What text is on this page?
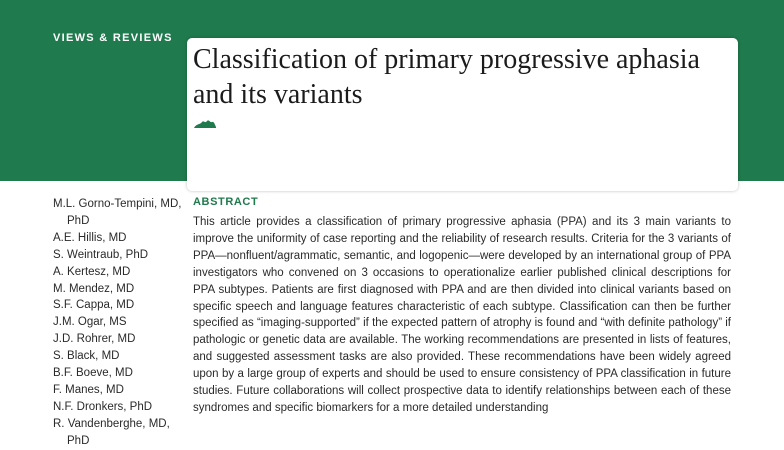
VIEWS & REVIEWS
Classification of primary progressive aphasia and its variants
M.L. Gorno-Tempini, MD, PhD
A.E. Hillis, MD
S. Weintraub, PhD
A. Kertesz, MD
M. Mendez, MD
S.F. Cappa, MD
J.M. Ogar, MS
J.D. Rohrer, MD
S. Black, MD
B.F. Boeve, MD
F. Manes, MD
N.F. Dronkers, PhD
R. Vandenberghe, MD, PhD
ABSTRACT

This article provides a classification of primary progressive aphasia (PPA) and its 3 main variants to improve the uniformity of case reporting and the reliability of research results. Criteria for the 3 variants of PPA—nonfluent/agrammatic, semantic, and logopenic—were developed by an international group of PPA investigators who convened on 3 occasions to operationalize earlier published clinical descriptions for PPA subtypes. Patients are first diagnosed with PPA and are then divided into clinical variants based on specific speech and language features characteristic of each subtype. Classification can then be further specified as “imaging-supported” if the expected pattern of atrophy is found and “with definite pathology” if pathologic or genetic data are available. The working recommendations are presented in lists of features, and suggested assessment tasks are also provided. These recommendations have been widely agreed upon by a large group of experts and should be used to ensure consistency of PPA classification in future studies. Future collaborations will collect prospective data to identify relationships between each of these syndromes and specific biomarkers for a more detailed understanding
